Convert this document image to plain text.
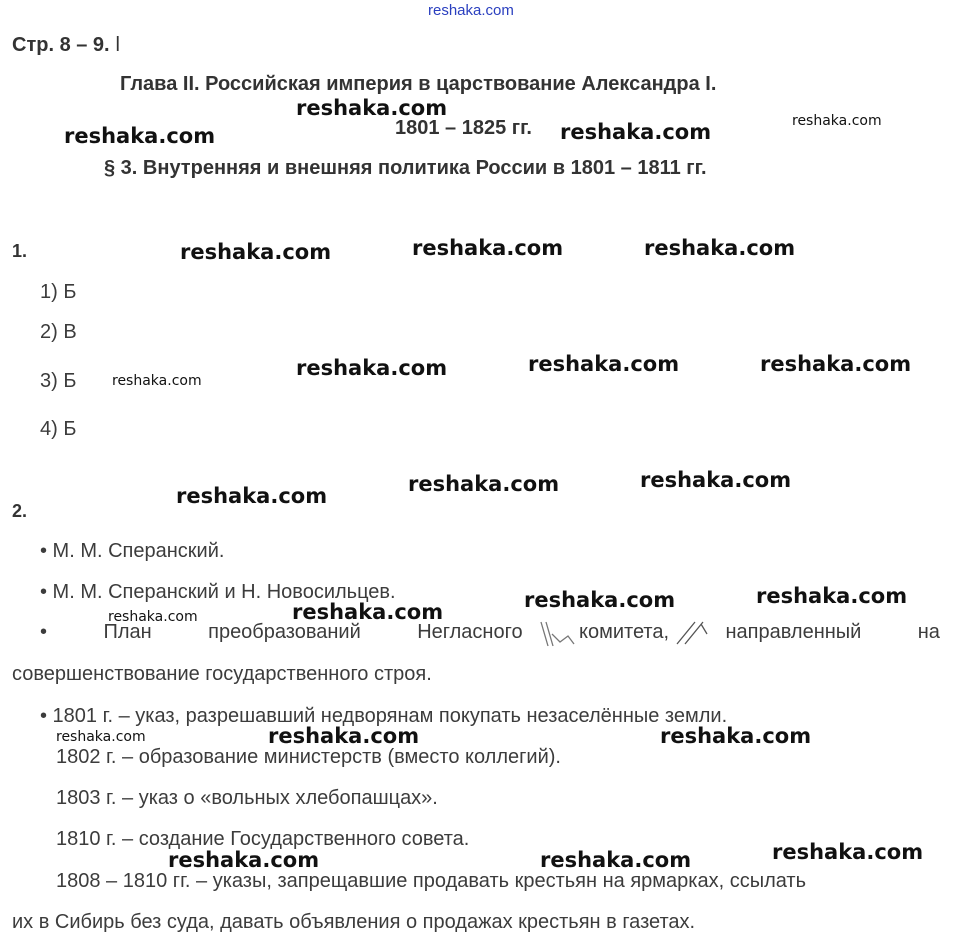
reshaka.com
Стр. 8 – 9. ǀ
Глава II. Российская империя в царствование Александра I.
1801 – 1825 гг.
§ 3. Внутренняя и внешняя политика России в 1801 – 1811 гг.
1.
1) Б
2) В
3) Б
4) Б
2.
• М. М. Сперанский.
• М. М. Сперанский и Н. Новосильцев.
•	План	преобразований	Негласного	комитета,	направленный	на
совершенствование государственного строя.
• 1801 г. – указ, разрешавший недворянам покупать незаселённые земли.
1802 г. – образование министерств (вместо коллегий).
1803 г. – указ о «вольных хлебопашцах».
1810 г. – создание Государственного совета.
1808 – 1810 гг. – указы, запрещавшие продавать крестьян на ярмарках, ссылать
их в Сибирь без суда, давать объявления о продажах крестьян в газетах.
reshaka.com
reshaka.com	reshaka.com	reshaka.com
reshaka.com	reshaka.com	reshaka.com
reshaka.com
reshaka.com	reshaka.com	reshaka.com
reshaka.com	reshaka.com	reshaka.com
reshaka.com	reshaka.com	reshaka.com	reshaka.com
reshaka.com	reshaka.com	reshaka.com
reshaka.com	reshaka.com	reshaka.com
